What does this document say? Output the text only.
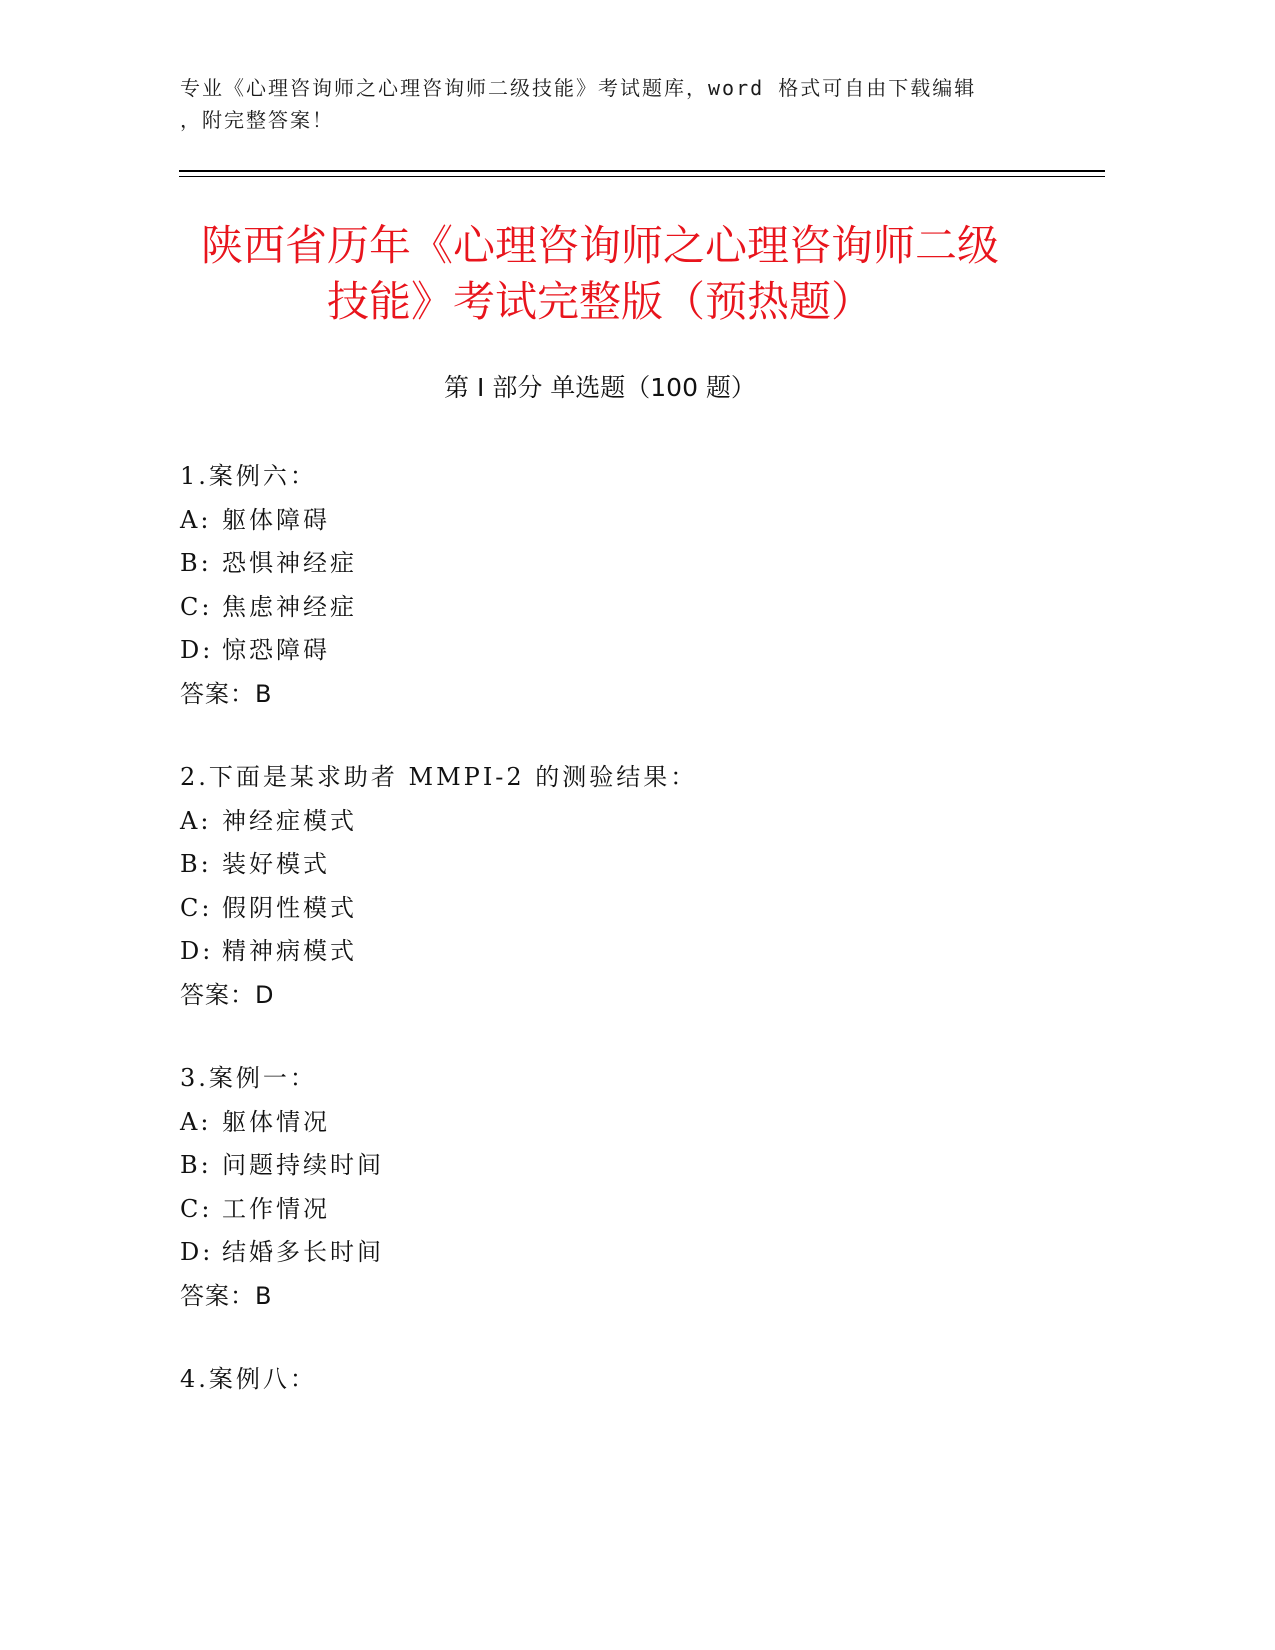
专业《心理咨询师之心理咨询师二级技能》考试题库，word 格式可自由下载编辑
，附完整答案！
陕西省历年《心理咨询师之心理咨询师二级
技能》考试完整版（预热题）
第 I 部分 单选题（100 题）
1.案例六：
A: 躯体障碍
B: 恐惧神经症
C: 焦虑神经症
D: 惊恐障碍
答案：B
2.下面是某求助者 MMPI-2 的测验结果：
A: 神经症模式
B: 装好模式
C: 假阴性模式
D: 精神病模式
答案：D
3.案例一：
A: 躯体情况
B: 问题持续时间
C: 工作情况
D: 结婚多长时间
答案：B
4.案例八：
